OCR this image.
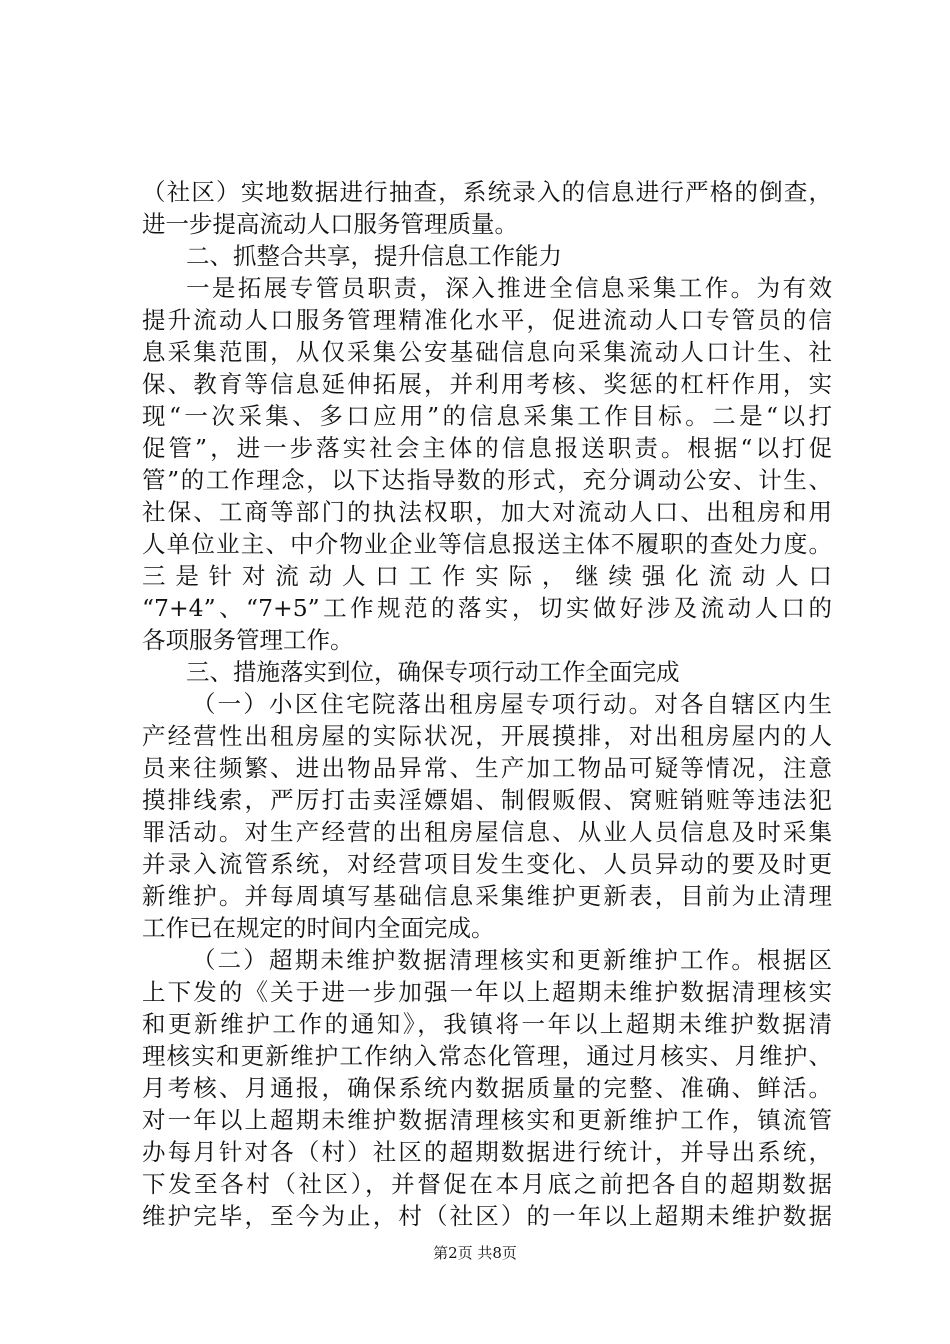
（社区）实地数据进行抽查，系统录入的信息进行严格的倒查，
进一步提高流动人口服务管理质量。
二、抓整合共享，提升信息工作能力
一是拓展专管员职责，深入推进全信息采集工作。为有效
提升流动人口服务管理精准化水平，促进流动人口专管员的信
息采集范围，从仅采集公安基础信息向采集流动人口计生、社
保、教育等信息延伸拓展，并利用考核、奖惩的杠杆作用，实
现“一次采集、多口应用”的信息采集工作目标。二是“以打
促管”，进一步落实社会主体的信息报送职责。根据“以打促
管”的工作理念，以下达指导数的形式，充分调动公安、计生、
社保、工商等部门的执法权职，加大对流动人口、出租房和用
人单位业主、中介物业企业等信息报送主体不履职的查处力度。
三是针对流动人口工作实际，继续强化流动人口
“7+4”、“7+5”工作规范的落实，切实做好涉及流动人口的
各项服务管理工作。
三、措施落实到位，确保专项行动工作全面完成
（一）小区住宅院落出租房屋专项行动。对各自辖区内生
产经营性出租房屋的实际状况，开展摸排，对出租房屋内的人
员来往频繁、进出物品异常、生产加工物品可疑等情况，注意
摸排线索，严厉打击卖淫嫖娼、制假贩假、窝赃销赃等违法犯
罪活动。对生产经营的出租房屋信息、从业人员信息及时采集
并录入流管系统，对经营项目发生变化、人员异动的要及时更
新维护。并每周填写基础信息采集维护更新表，目前为止清理
工作已在规定的时间内全面完成。
（二）超期未维护数据清理核实和更新维护工作。根据区
上下发的《关于进一步加强一年以上超期未维护数据清理核实
和更新维护工作的通知》，我镇将一年以上超期未维护数据清
理核实和更新维护工作纳入常态化管理，通过月核实、月维护、
月考核、月通报，确保系统内数据质量的完整、准确、鲜活。
对一年以上超期未维护数据清理核实和更新维护工作，镇流管
办每月针对各（村）社区的超期数据进行统计，并导出系统，
下发至各村（社区），并督促在本月底之前把各自的超期数据
维护完毕，至今为止，村（社区）的一年以上超期未维护数据
第2页 共8页
